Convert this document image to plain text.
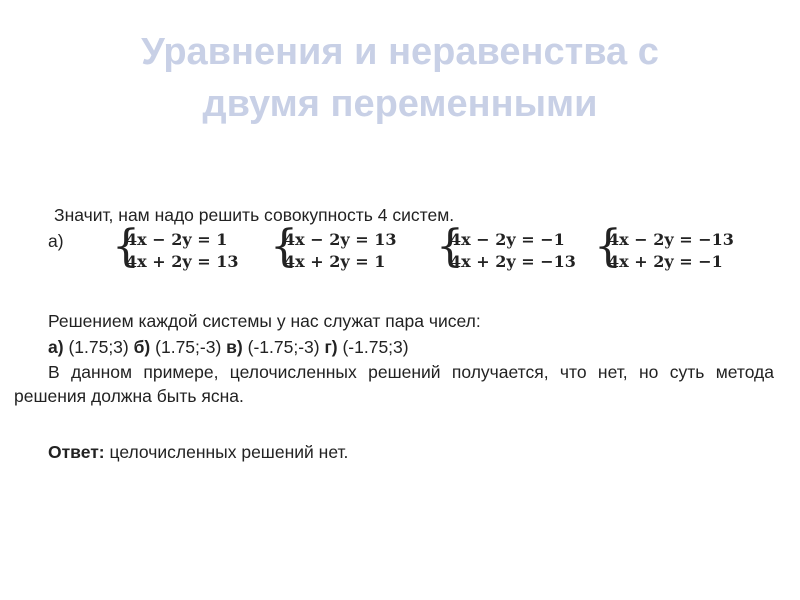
Уравнения и неравенства с
двумя переменными
Значит, нам надо решить совокупность 4 систем.
а) {
4x − 2y = 1
4x + 2y = 13 {
4x − 2y = 13
4x + 2y = 1 {
4x − 2y = −1
4x + 2y = −13 {
4x − 2y = −13
4x + 2y = −1
Решением каждой системы у нас служат пара чисел:
а) (1.75;3) б) (1.75;-3) в) (-1.75;-3) г) (-1.75;3)
В данном примере, целочисленных решений получается, что нет, но суть метода решения должна быть ясна.
Ответ: целочисленных решений нет.
